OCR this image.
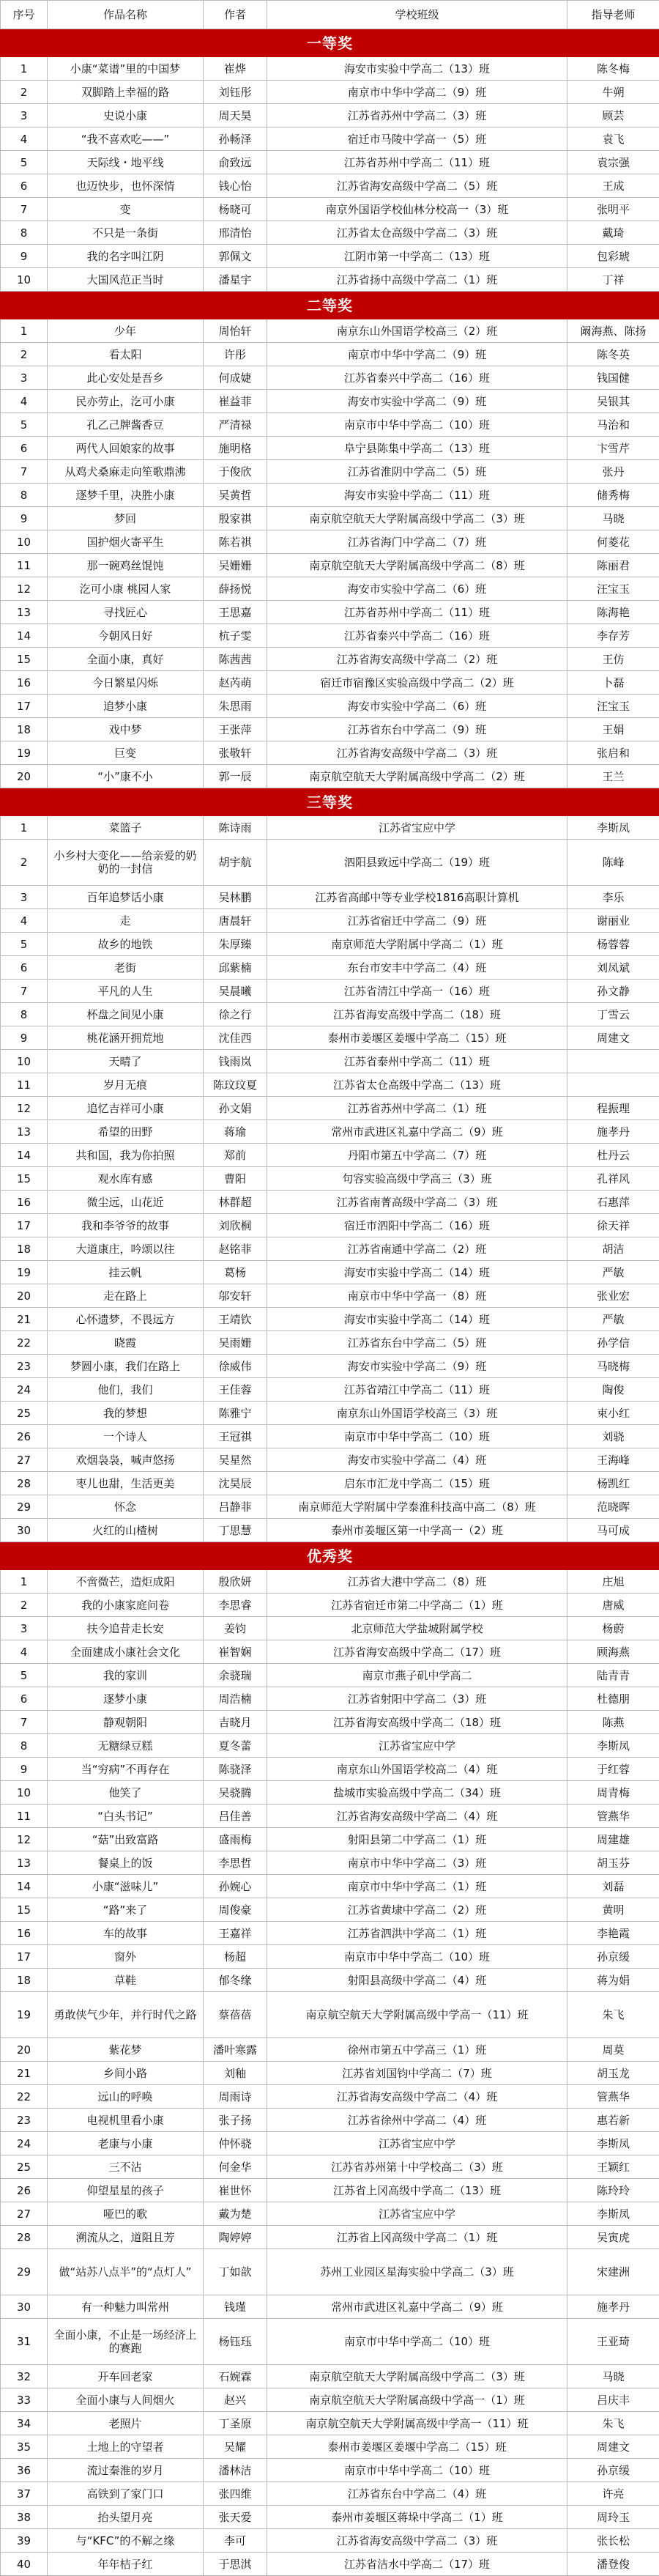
序号	作品名称	作者	学校班级	指导老师
一等奖				
1	小康“菜谱”里的中国梦	崔烨	海安市实验中学高二（13）班	陈冬梅
2	双脚踏上幸福的路	刘钰彤	南京市中华中学高二（9）班	牛朔
3	史说小康	周天昊	江苏省苏州中学高二（3）班	顾芸
4	“我不喜欢吃——”	孙畅泽	宿迁市马陵中学高一（5）班	袁飞
5	天际线・地平线	俞致远	江苏省苏州中学高二（11）班	袁宗强
6	也迈快步，也怀深情	钱心怡	江苏省海安高级中学高二（5）班	王成
7	变	杨晓可	南京外国语学校仙林分校高一（3）班	张明平
8	不只是一条街	邢清怡	江苏省太仓高级中学高二（3）班	戴琦
9	我的名字叫江阴	郭佩文	江阴市第一中学高二（13）班	包彩琥
10	大国风范正当时	潘星宇	江苏省扬中高级中学高二（1）班	丁祥
二等奖				
1	少年	周怡轩	南京东山外国语学校高三（2）班	阚海燕、陈扬
2	看太阳	许彤	南京市中华中学高二（9）班	陈冬英
3	此心安处是吾乡	何成婕	江苏省泰兴中学高二（16）班	钱国健
4	民亦劳止，汔可小康	崔益菲	海安市实验中学高二（9）班	吴银其
5	孔乙己牌酱香豆	严清禄	南京市中华中学高二（10）班	马治和
6	两代人回娘家的故事	施明格	阜宁县陈集中学高二（13）班	卞雪芹
7	从鸡犬桑麻走向笙歌鼎沸	于俊欣	江苏省淮阴中学高二（5）班	张丹
8	逐梦千里，决胜小康	吴黄哲	海安市实验中学高二（11）班	储秀梅
9	梦回	殷家祺	南京航空航天大学附属高级中学高二（3）班	马晓
10	国护烟火寄平生	陈若祺	江苏省海门中学高二（7）班	何菱花
11	那一碗鸡丝馄饨	吴姗姗	南京航空航天大学附属高级中学高二（8）班	陈丽君
12	汔可小康 桃园人家	薛扬悦	海安市实验中学高二（6）班	汪宝玉
13	寻找匠心	王思嘉	江苏省苏州中学高二（11）班	陈海艳
14	今朝风日好	杭子雯	江苏省泰兴中学高二（16）班	李存芳
15	全面小康，真好	陈茜茜	江苏省海安高级中学高二（2）班	王仿
16	今日繁星闪烁	赵芮萌	宿迁市宿豫区实验高级中学高二（2）班	卜磊
17	追梦小康	朱思雨	海安市实验中学高二（6）班	汪宝玉
18	戏中梦	王张萍	江苏省东台中学高二（9）班	王娟
19	巨变	张敬轩	江苏省海安高级中学高二（3）班	张启和
20	“小”康不小	郭一辰	南京航空航天大学附属高级中学高二（2）班	王兰
三等奖				
1	菜篮子	陈诗雨	江苏省宝应中学	李斯凤
2	小乡村大变化——给亲爱的奶奶的一封信	胡宇航	泗阳县致远中学高二（19）班	陈峰
3	百年追梦话小康	吴林鹏	江苏省高邮中等专业学校1816高职计算机	李乐
4	走	唐晨轩	江苏省宿迁中学高二（9）班	谢丽业
5	故乡的地铁	朱厚臻	南京师范大学附属中学高二（1）班	杨蓉蓉
6	老街	邱紫楠	东台市安丰中学高二（4）班	刘凤斌
7	平凡的人生	吴晨曦	江苏省清江中学高一（16）班	孙文静
8	杯盘之间见小康	徐之行	江苏省海安高级中学高二（18）班	丁雪云
9	桃花涵开拥荒地	沈佳西	泰州市姜堰区姜堰中学高二（15）班	周建文
10	天晴了	钱雨岚	江苏省泰州中学高二（11）班	
11	岁月无痕	陈玟玟夏	江苏省太仓高级中学高二（13）班	
12	追忆吉祥可小康	孙文娟	江苏省苏州中学高二（1）班	程振理
13	希望的田野	蒋瑜	常州市武进区礼嘉中学高二（9）班	施孝丹
14	共和国，我为你拍照	郑前	丹阳市第五中学高二（7）班	杜丹云
15	观水库有感	曹阳	句容实验高级中学高三（3）班	孔祥风
16	微尘远，山花近	林群超	江苏省南菁高级中学高二（3）班	石惠萍
17	我和李爷爷的故事	刘欣桐	宿迁市泗阳中学高二（16）班	徐天祥
18	大道康庄，吟颂以往	赵铭菲	江苏省南通中学高二（2）班	胡洁
19	挂云帆	葛杨	海安市实验中学高二（14）班	严敏
20	走在路上	邬安轩	南京市中华中学高一（8）班	张业宏
21	心怀遗梦，不畏远方	王靖钦	海安市实验中学高二（14）班	严敏
22	晓霞	吴雨姗	江苏省东台中学高二（5）班	孙学信
23	梦圆小康，我们在路上	徐威伟	海安市实验中学高二（9）班	马晓梅
24	他们，我们	王佳蓉	江苏省靖江中学高二（11）班	陶俊
25	我的梦想	陈雅宁	南京东山外国语学校高三（3）班	束小红
26	一个诗人	王冠祺	南京市中华中学高二（10）班	刘骁
27	欢烟袅袅，喊声悠扬	吴星然	海安市实验中学高二（4）班	王海峰
28	枣儿也甜，生活更美	沈昊辰	启东市汇龙中学高二（15）班	杨凯红
29	怀念	吕静菲	南京师范大学附属中学泰淮科技高中高二（8）班	范晓晖
30	火红的山楂树	丁思慧	泰州市姜堰区第一中学高一（2）班	马可成
优秀奖				
1	不啻微芒，造炬成阳	殷欣妍	江苏省大港中学高二（8）班	庄旭
2	我的小康家庭问卷	李思睿	江苏省宿迁市第二中学高二（1）班	唐威
3	扶今追昔走长安	姜钧	北京师范大学盐城附属学校	杨蔚
4	全面建成小康社会文化	崔智娴	江苏省海安高级中学高二（17）班	顾海燕
5	我的家训	余骁瑞	南京市燕子矶中学高二	陆青青
6	逐梦小康	周浩楠	江苏省射阳中学高二（3）班	杜德朋
7	静观朝阳	吉晓月	江苏省海安高级中学高二（18）班	陈燕
8	无糖绿豆糕	夏冬蕾	江苏省宝应中学	李斯凤
9	当“穷病”不再存在	陈骁泽	南京东山外国语学校高二（4）班	于红蓉
10	他笑了	吴骁腾	盐城市实验高级中学高二（34）班	周青梅
11	“白头书记”	吕佳善	江苏省海安高级中学高二（4）班	管燕华
12	“菇”出致富路	盛雨梅	射阳县第二中学高二（1）班	周建雄
13	餐桌上的饭	李思哲	南京市中华中学高二（3）班	胡玉芬
14	小康“滋味儿”	孙婉心	南京市中华中学高二（1）班	刘磊
15	“路”来了	周俊豪	江苏省黄埭中学高二（2）班	黄明
16	车的故事	王嘉祥	江苏省泗洪中学高二（1）班	李艳霞
17	窗外	杨超	南京市中华中学高二（10）班	孙京缓
18	草鞋	郁冬缘	射阳县高级中学高二（4）班	蒋为娟
19	勇敢侠气少年，并行时代之路	蔡蓓蓓	南京航空航天大学附属高级中学高一（11）班	朱飞
20	紫花梦	潘叶寒露	徐州市第五中学高三（1）班	周莫
21	乡间小路	刘釉	江苏省刘国钧中学高二（7）班	胡玉龙
22	远山的呼唤	周雨诗	江苏省海安高级中学高二（4）班	管燕华
23	电视机里看小康	张子扬	江苏省徐州中学高二（4）班	惠若新
24	老康与小康	仲怀骁	江苏省宝应中学	李斯凤
25	三不沾	何金华	江苏省苏州第十中学校高二（3）班	王颖红
26	仰望星星的孩子	崔世怀	江苏省上冈高级中学高二（13）班	陈玲玲
27	哑巴的歌	戴为楚	江苏省宝应中学	李斯凤
28	溯流从之，道阻且芳	陶婷婷	江苏省上冈高级中学高二（1）班	吴寅虎
29	做“站苏八点半”的“点灯人”	丁如歆	苏州工业园区星海实验中学高二（3）班	宋建洲
30	有一种魅力叫常州	钱瑾	常州市武进区礼嘉中学高二（9）班	施孝丹
31	全面小康，不止是一场经济上的赛跑	杨钰珏	南京市中华中学高二（10）班	王亚琦
32	开车回老家	石婉霖	南京航空航天大学附属高级中学高二（3）班	马晓
33	全面小康与人间烟火	赵兴	南京航空航天大学附属高级中学高一（1）班	吕庆丰
34	老照片	丁圣原	南京航空航天大学附属高级中学高一（11）班	朱飞
35	土地上的守望者	吴耀	泰州市姜堰区姜堰中学高二（15）班	周建文
36	流过秦淮的岁月	潘林洁	南京市中华中学高二（10）班	孙京缓
37	高铁到了家门口	张四维	江苏省东台中学高二（4）班	许亮
38	抬头望月亮	张天爱	泰州市姜堰区蒋垛中学高二（1）班	周玲玉
39	与“KFC”的不解之缘	李可	江苏省海安高级中学高二（3）班	张长松
40	年年桔子红	于思淇	江苏省洁水中学高二（17）班	潘登俊
